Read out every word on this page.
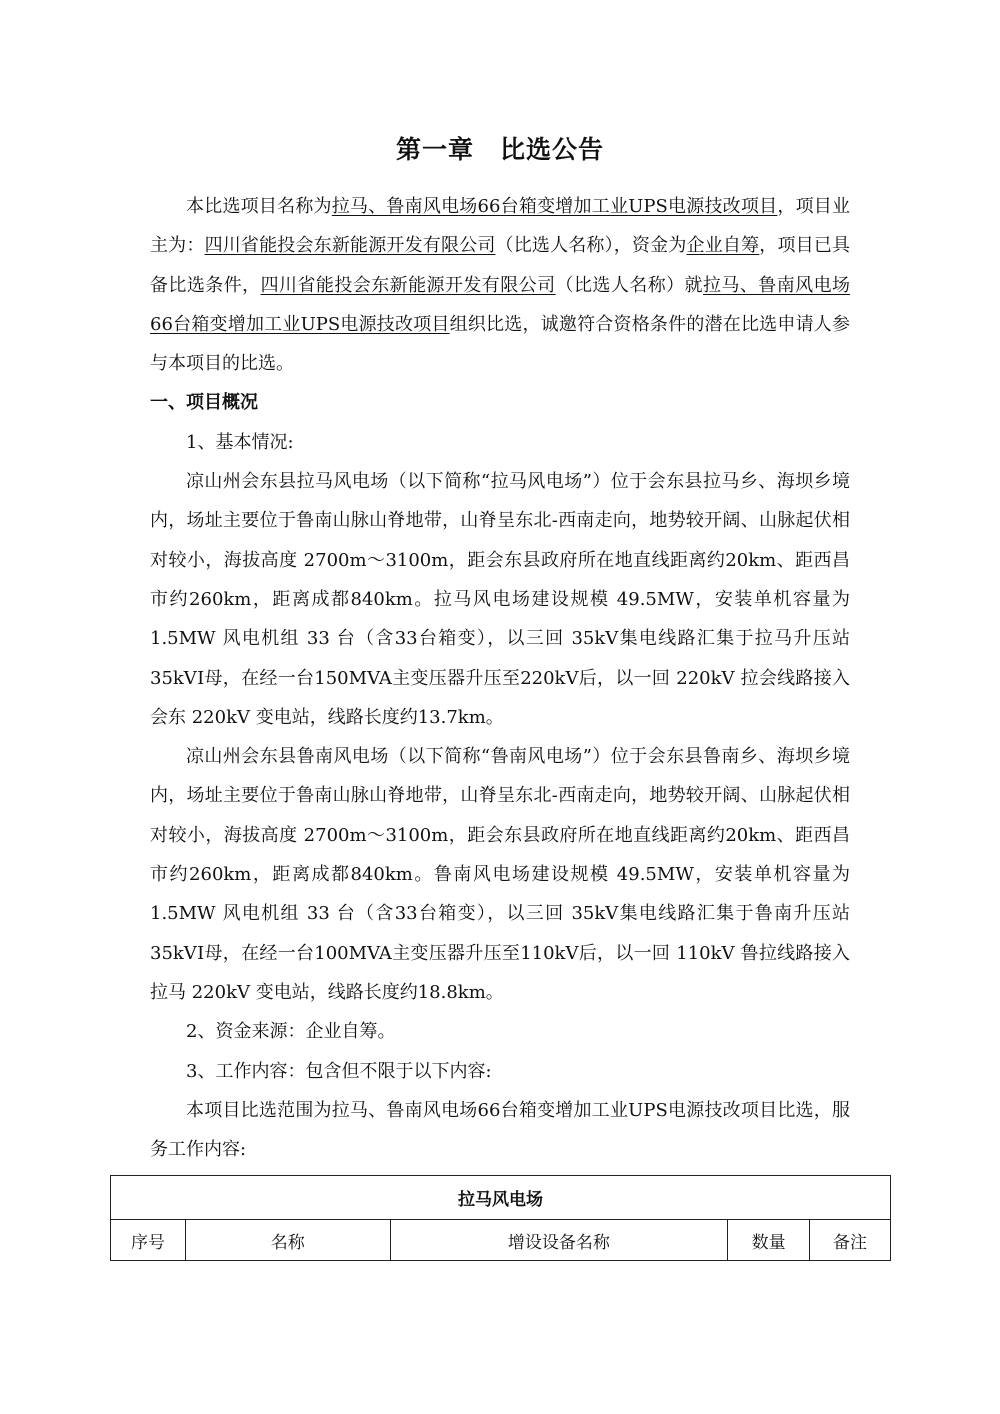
第一章 比选公告

本比选项目名称为拉马、鲁南风电场66台箱变增加工业UPS电源技改项目，项目业主为：四川省能投会东新能源开发有限公司（比选人名称），资金为企业自筹，项目已具备比选条件，四川省能投会东新能源开发有限公司（比选人名称）就拉马、鲁南风电场66台箱变增加工业UPS电源技改项目组织比选，诚邀符合资格条件的潜在比选申请人参与本项目的比选。

一、项目概况

1、基本情况:

凉山州会东县拉马风电场（以下简称“拉马风电场”）位于会东县拉马乡、海坝乡境内，场址主要位于鲁南山脉山脊地带，山脊呈东北-西南走向，地势较开阔、山脉起伏相对较小，海拔高度 2700m～3100m，距会东县政府所在地直线距离约20km、距西昌市约260km，距离成都840km。拉马风电场建设规模 49.5MW，安装单机容量为 1.5MW 风电机组 33 台（含33台箱变），以三回 35kV集电线路汇集于拉马升压站35kVⅠ母，在经一台150MVA主变压器升压至220kV后，以一回 220kV 拉会线路接入会东 220kV 变电站，线路长度约13.7km。

凉山州会东县鲁南风电场（以下简称“鲁南风电场”）位于会东县鲁南乡、海坝乡境内，场址主要位于鲁南山脉山脊地带，山脊呈东北-西南走向，地势较开阔、山脉起伏相对较小，海拔高度 2700m～3100m，距会东县政府所在地直线距离约20km、距西昌市约260km，距离成都840km。鲁南风电场建设规模 49.5MW，安装单机容量为 1.5MW 风电机组 33 台（含33台箱变），以三回 35kV集电线路汇集于鲁南升压站35kVⅠ母，在经一台100MVA主变压器升压至110kV后，以一回 110kV 鲁拉线路接入拉马 220kV 变电站，线路长度约18.8km。

2、资金来源：企业自筹。

3、工作内容：包含但不限于以下内容:

本项目比选范围为拉马、鲁南风电场66台箱变增加工业UPS电源技改项目比选，服务工作内容:

拉马风电场
序号	名称	增设设备名称	数量	备注
